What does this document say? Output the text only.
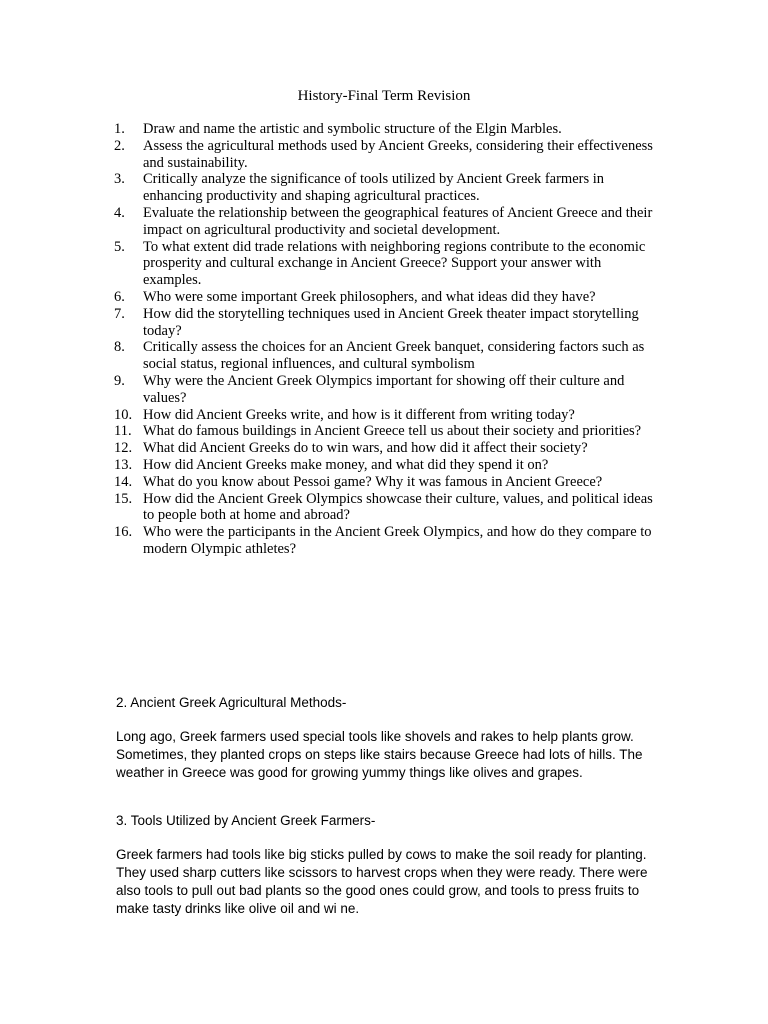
History-Final Term Revision
1. Draw and name the artistic and symbolic structure of the Elgin Marbles.
2. Assess the agricultural methods used by Ancient Greeks, considering their effectiveness and sustainability.
3. Critically analyze the significance of tools utilized by Ancient Greek farmers in enhancing productivity and shaping agricultural practices.
4. Evaluate the relationship between the geographical features of Ancient Greece and their impact on agricultural productivity and societal development.
5. To what extent did trade relations with neighboring regions contribute to the economic prosperity and cultural exchange in Ancient Greece? Support your answer with examples.
6. Who were some important Greek philosophers, and what ideas did they have?
7. How did the storytelling techniques used in Ancient Greek theater impact storytelling today?
8. Critically assess the choices for an Ancient Greek banquet, considering factors such as social status, regional influences, and cultural symbolism
9. Why were the Ancient Greek Olympics important for showing off their culture and values?
10. How did Ancient Greeks write, and how is it different from writing today?
11. What do famous buildings in Ancient Greece tell us about their society and priorities?
12. What did Ancient Greeks do to win wars, and how did it affect their society?
13. How did Ancient Greeks make money, and what did they spend it on?
14. What do you know about Pessoi game? Why it was famous in Ancient Greece?
15. How did the Ancient Greek Olympics showcase their culture, values, and political ideas to people both at home and abroad?
16. Who were the participants in the Ancient Greek Olympics, and how do they compare to modern Olympic athletes?
2. Ancient Greek Agricultural Methods-
Long ago, Greek farmers used special tools like shovels and rakes to help plants grow. Sometimes, they planted crops on steps like stairs because Greece had lots of hills. The weather in Greece was good for growing yummy things like olives and grapes.
3. Tools Utilized by Ancient Greek Farmers-
Greek farmers had tools like big sticks pulled by cows to make the soil ready for planting. They used sharp cutters like scissors to harvest crops when they were ready. There were also tools to pull out bad plants so the good ones could grow, and tools to press fruits to make tasty drinks like olive oil and wi ne.
